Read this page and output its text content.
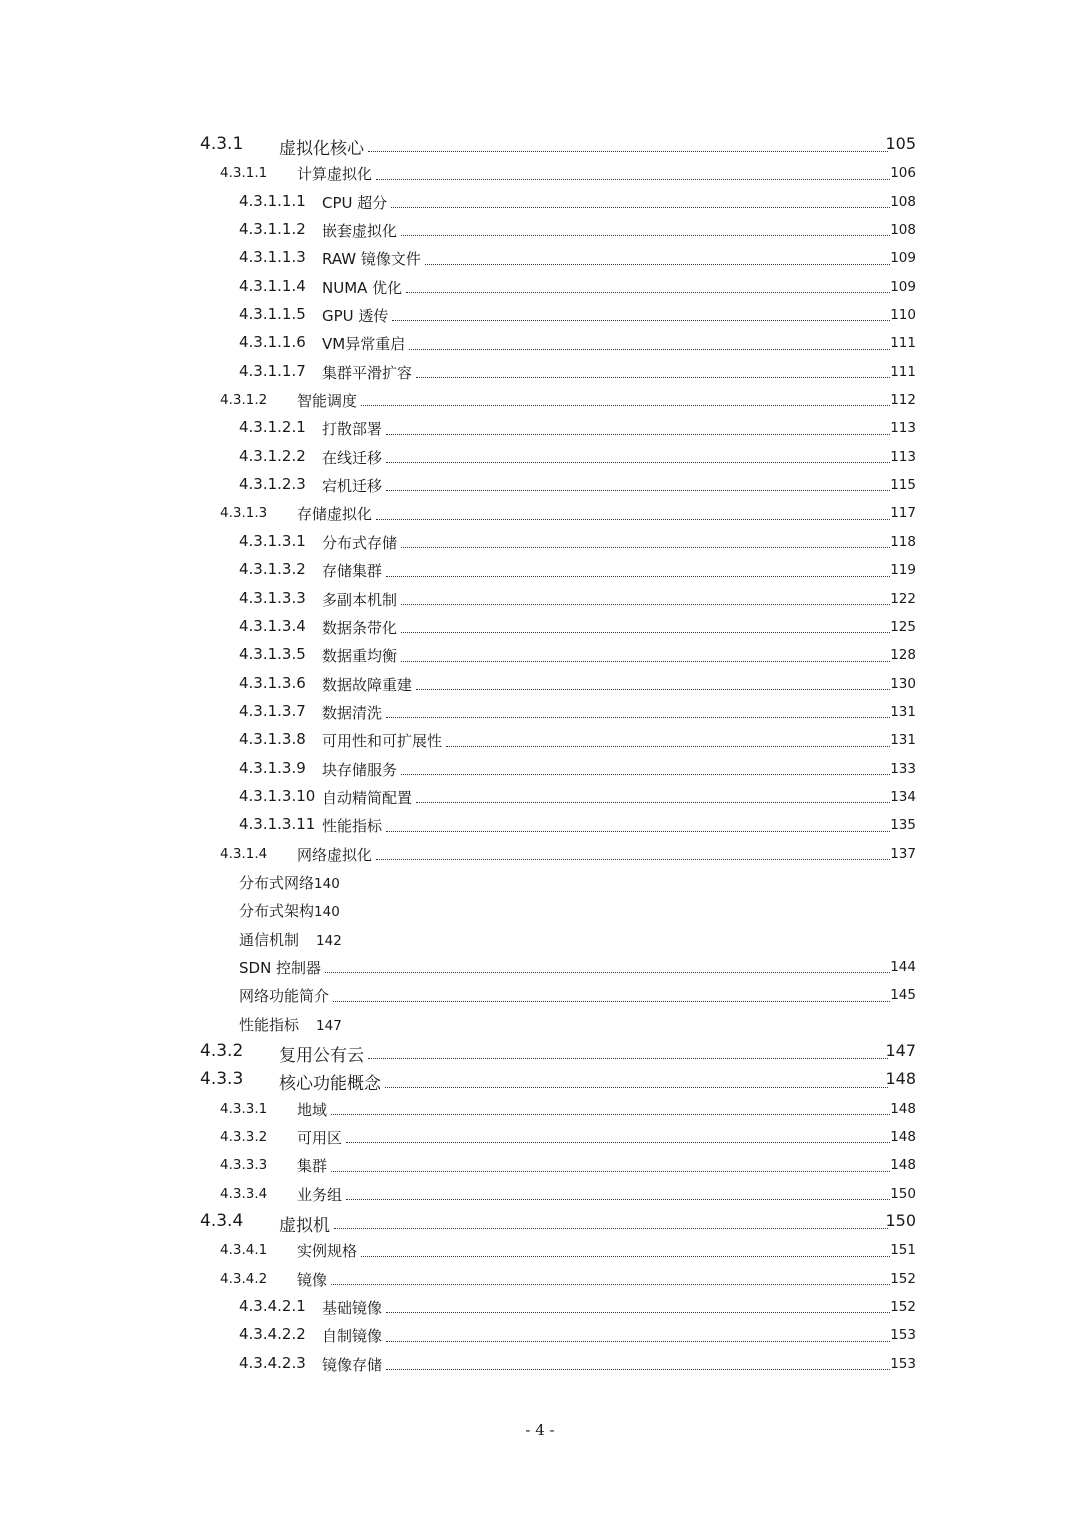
4.3.1 虚拟化核心	105
4.3.1.1 计算虚拟化	106
4.3.1.1.1 CPU 超分	108
4.3.1.1.2 嵌套虚拟化	108
4.3.1.1.3 RAW 镜像文件	109
4.3.1.1.4 NUMA 优化	109
4.3.1.1.5 GPU 透传	110
4.3.1.1.6 VM异常重启	111
4.3.1.1.7 集群平滑扩容	111
4.3.1.2 智能调度	112
4.3.1.2.1 打散部署	113
4.3.1.2.2 在线迁移	113
4.3.1.2.3 宕机迁移	115
4.3.1.3 存储虚拟化	117
4.3.1.3.1 分布式存储	118
4.3.1.3.2 存储集群	119
4.3.1.3.3 多副本机制	122
4.3.1.3.4 数据条带化	125
4.3.1.3.5 数据重均衡	128
4.3.1.3.6 数据故障重建	130
4.3.1.3.7 数据清洗	131
4.3.1.3.8 可用性和可扩展性	131
4.3.1.3.9 块存储服务	133
4.3.1.3.10 自动精简配置	134
4.3.1.3.11 性能指标	135
4.3.1.4 网络虚拟化	137
分布式网络140
分布式架构140
通信机制 142
SDN 控制器	144
网络功能简介	145
性能指标 147
4.3.2 复用公有云	147
4.3.3 核心功能概念	148
4.3.3.1 地域	148
4.3.3.2 可用区	148
4.3.3.3 集群	148
4.3.3.4 业务组	150
4.3.4 虚拟机	150
4.3.4.1 实例规格	151
4.3.4.2 镜像	152
4.3.4.2.1 基础镜像	152
4.3.4.2.2 自制镜像	153
4.3.4.2.3 镜像存储	153
- 4 -
